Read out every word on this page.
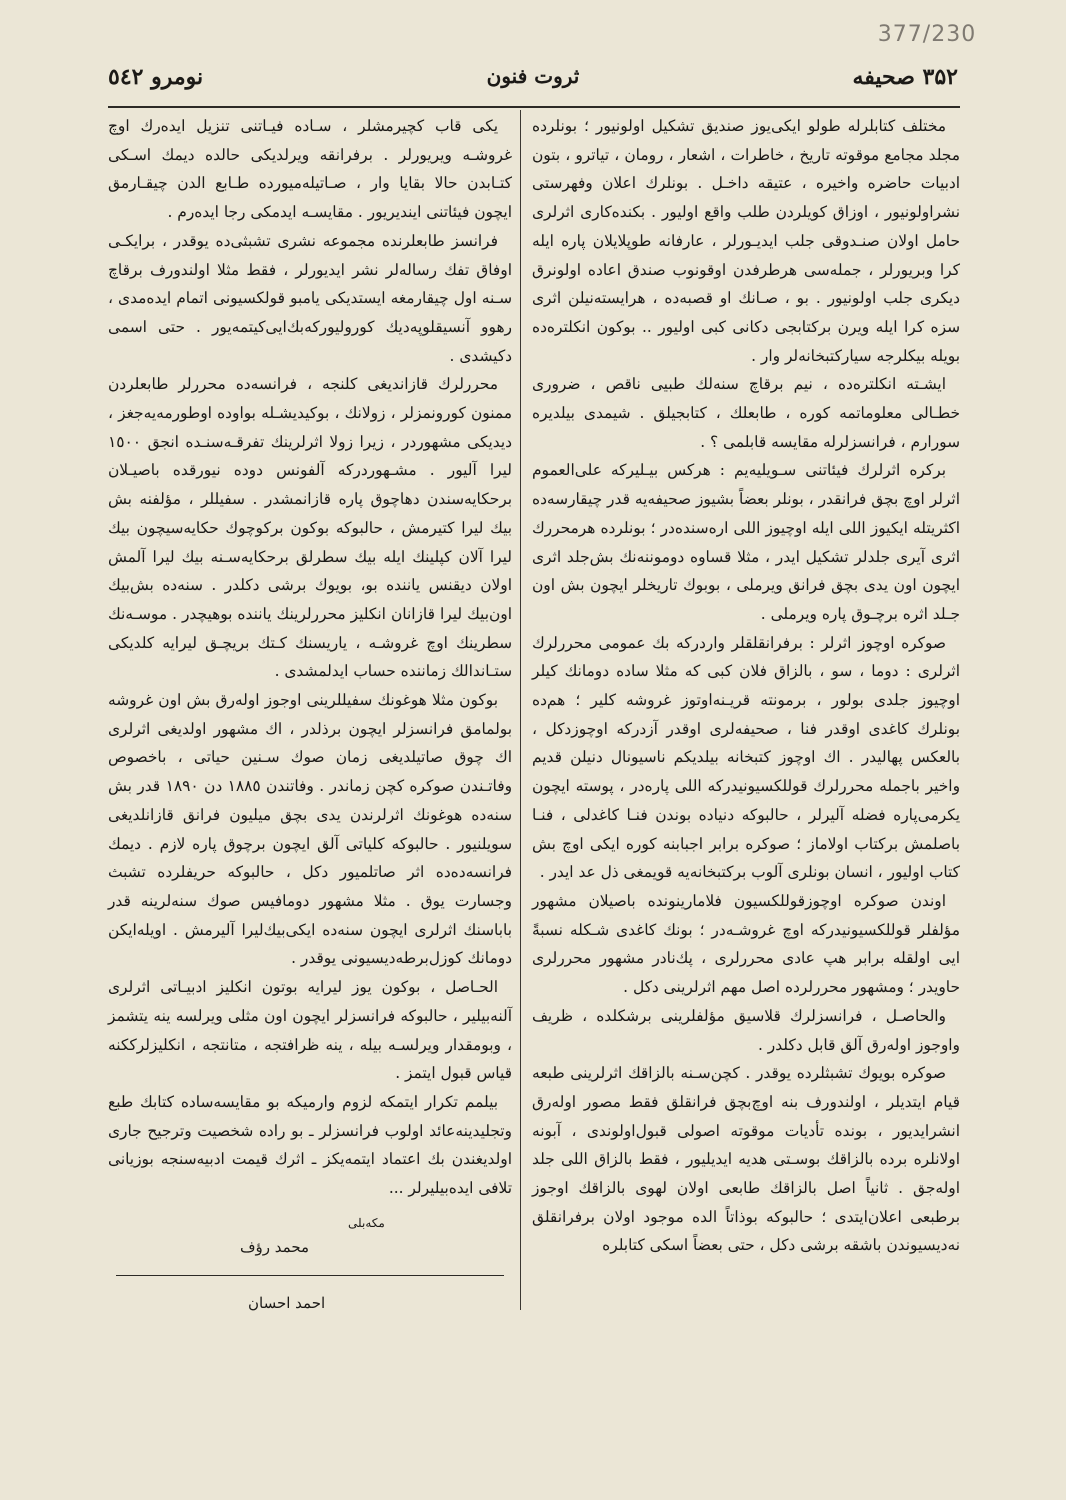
377/230
۳۵۲ صحیفه
ثروت فنون
نومرو ٥٤٢

مختلف کتابلرله طولو ایکی‌یوز صندیق تشکیل اولونیور ؛ بونلرده مجلد مجامع موقوته تاریخ ، خاطرات ، اشعار ، رومان ، تیاترو ، بتون ادبیات حاضره واخیره ، عتیقه داخـل . بونلرك اعلان وفهرستی نشراولونیور ، اوزاق کویلردن طلب واقع اولیور . بکنده‌کاری اثرلری حامل اولان صنـدوقی جلب ایدیـورلر ، عارفانه طوپلایلان پاره ایله کرا وبریورلر ، جمله‌سی هرطرفدن اوقونوب صندق اعاده اولونرق دیکری جلب اولونیور . بو ، صـانك او قصبه‌ده ، هرایسته‌نیلن اثری سزه کرا ایله ویرن برکتابجی دکانی کبی اولیور .. بوکون انکلتره‌ده بویله بیکلرجه سیارکتبخانه‌لر وار .

ایشـته انکلتره‌ده ، نیم برقاچ سنه‌لك طبیی ناقص ، ضروری خطـالی معلوماتمه کوره ، طابعلك ، کتابجیلق . شیمدی بیلدیره سورارم ، فرانسزلرله مقایسه قابلمی ؟ .

برکره اثرلرك فیئاتنی سـویلیه‌یم : هرکس بیـلیرکه علی‌العموم اثرلر اوچ بچق فرانقدر ، بونلر بعضاً بشیوز صحیفه‌یه قدر چیقارسه‌ده اکثریتله ایکیوز اللی ایله اوچیوز اللی اره‌سنده‌در ؛ بونلرده هرمحررك اثری آیری جلدلر تشکیل ایدر ، مثلا قساوه دوموننه‌نك بش‌جلد اثری ایچون اون یدی بچق فرانق ویرملی ، بوبوك تاریخلر ایچون بش اون جـلد اثره برچـوق پاره ویرملی .

صوکره اوچوز اثرلر : برفرانقلقلر واردرکه بك عمومی محررلرك اثرلری : دوما ، سو ، بالزاق فلان کبی که مثلا ساده دومانك کیلر اوچیوز جلدی بولور ، برمونته قریـنه‌اوتوز غروشه کلیر ؛ هم‌ده بونلرك کاغدی اوقدر فنا ، صحیفه‌لری اوقدر آزدرکه اوچوزدکل ، بالعکس پهالیدر . اك اوچوز کتبخانه بیلدیکم ناسیونال دنیلن قدیم واخیر باجمله محررلرك قوللکسیونیدرکه اللی پاره‌در ، پوسته ایچون یکرمی‌پاره فضله آلیرلر ، حالبوکه دنیاده بوندن فنـا کاغدلی ، فنـا باصلمش برکتاب اولاماز ؛ صوکره برابر اجبابنه کوره ایکی اوچ بش کتاب اولیور ، انسان بونلری آلوب برکتبخانه‌یه قویمغی ذل عد ایدر .

اوندن صوکره اوچوزقوللکسیون فلامارینونده باصیلان مشهور مؤلفلر قوللکسیونیدرکه اوچ غروشـه‌در ؛ بونك کاغدی شـکله نسبةً ایی اولقله برابر هپ عادی محررلری ، پك‌نادر مشهور محررلری حاویدر ؛ ومشهور محررلرده اصل مهم اثرلرینی دکل .

والحاصـل ، فرانسزلرك قلاسیق مؤلفلرینی برشکلده ، ظریف واوجوز اوله‌رق آلق قابل دکلدر .

صوکره بویوك تشبثلرده یوقدر . کچن‌سـنه بالزاقك اثرلرینی طبعه قیام ایتدیلر ، اولندورف بنه اوچ‌بچق فرانقلق فقط مصور اوله‌رق انشرایدیور ، بونده تأدیات موقوته اصولی قبول‌اولوندی ، آبونه اولانلره برده بالزاقك بوسـتی هدیه ایدیلیور ، فقط بالزاق اللی جلد اوله‌جق . ثانیاً اصل بالزاقك طابعی اولان لهوی بالزاقك اوجوز برطبعی اعلان‌ایتدی ؛ حالبوکه بوذاتاً الده موجود اولان برفرانقلق نه‌دیسیوندن باشقه برشی دکل ، حتی بعضاً اسکی کتابلره

یکی قاب کچیرمشلر ، سـاده فیـاتنی تنزیل ایده‌رك اوچ غروشـه ویریورلر . برفرانقه ویرلدیکی حالده دیمك اسـکی کتـابدن حالا بقایا وار ، صـاتیله‌میورده طـابع الدن چیقـارمق ایچون فیئاتنی ایندیریور . مقایسـه ایدمکی رجا ایده‌رم .

فرانسز طابعلرنده مجموعه نشری تشبثی‌ده یوقدر ، برایکـی اوفاق تفك رساله‌لر نشر ایدیورلر ، فقط مثلا اولندورف برقاچ سـنه اول چیقارمغه ایستدیکی یامبو قولکسیونی اتمام ایده‌مدی ، رهوو آنسیقلوپه‌دیك کوروليورکه‌بك‌ایی‌کیتمه‌یور . حتی اسمی دکیشدی .

محررلرك قازاندیغی کلنجه ، فرانسه‌ده محررلر طابعلردن ممنون کورونمزلر ، زولانك ، بوکیدیشـله بواوده اوطورمه‌یه‌جغز ، دیدیکی مشهوردر ، زیرا زولا اثرلرینك تفرقـه‌سنـده انجق ١٥٠٠ لیرا آلیور . مشـهوردرکه آلفونس دوده نیورقده باصیـلان برحکایه‌سندن دها‌چوق پاره قازانمشدر . سفیللر ، مؤلفنه بش بیك لیرا کتیرمش ، حالبوکه بوکون برکوچوك حکایه‌سیچون بیك لیرا آلان کپلینك ایله بیك سطرلق برحکایه‌سـنه بیك لیرا آلمش اولان دیقنس یاننده بو، بویوك برشی دکلدر . سنه‌ده بش‌بیك اون‌بیك لیرا قازانان انکلیز محررلرینك یاننده بوهیچدر . موسـه‌نك سطرینك اوچ غروشـه ، یاریسنك کـتك بریچـق لیرایه کلدیکی ستـاندالك زماننده حساب ایدلمشدی .

بوکون مثلا هوغونك سفیللرینی اوجوز اوله‌رق بش اون غروشه بولمامق فرانسزلر ایچون برذلدر ، اك مشهور اولدیغی اثرلری اك چوق صاتیلدیغی زمان صوك سـنین حیاتی ، باخصوص وفاتـندن صوکره کچن زماندر . وفاتندن ١٨٨٥ دن ١٨٩٠ قدر بش سنه‌ده هوغونك اثرلرندن یدی بچق میلیون فرانق قازانلدیغی سویلنیور . حالبوکه کلیاتی آلق ایچون برچوق پاره لازم . دیمك فرانسه‌ده‌ده اثر صاتلمیور دکل ، حالبوکه حریفلرده تشبث وجسارت یوق . مثلا مشهور دومافیس صوك سنه‌لرینه قدر باباسنك اثرلری ایچون سنه‌ده ایکی‌بیك‌لیرا آلیرمش . اویله‌ایکن دومانك کوزل‌برطه‌دیسیونی یوقدر .

الحـاصل ، بوکون یوز لیرایه بوتون انکلیز ادبیـاتی اثرلری آلنه‌بیلیر ، حالبوکه فرانسزلر ایچون اون مثلی ویرلسه ینه یتشمز ، وبومقدار ویرلسـه بیله ، ینه ظرافتجه ، متانتجه ، انکلیزلرککنه قیاس قبول ایتمز .

بیلمم تکرار ایتمکه لزوم وارمیکه بو مقایسه‌ساده کتابك طبع وتجلیدینه‌عائد اولوب فرانسزلر ـ بو راده شخصیت وترجیح جاری اولدیغندن بك اعتماد ایتمه‌یکز ـ اثرك قیمت ادبیه‌سنجه بوزیانی تلافی ایده‌بیلیرلر ...

مکه‌بلی
محمد رؤف
احمد احسان
